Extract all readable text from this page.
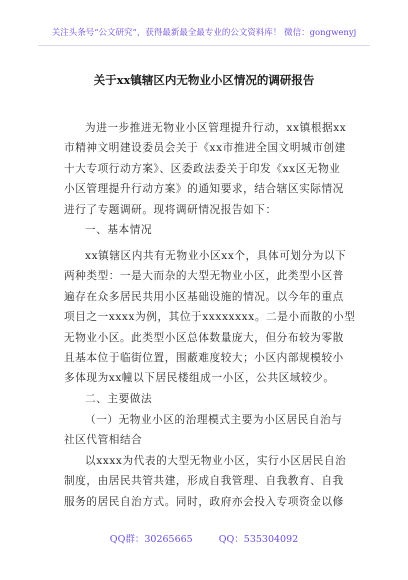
关注头条号“公文研究”，获得最新最全最专业的公文资料库！ 微信：gongwenyj
关于xx镇辖区内无物业小区情况的调研报告
为进一步推进无物业小区管理提升行动，xx镇根据xx
市精神文明建设委员会关于《xx市推进全国文明城市创建
十大专项行动方案》、区委政法委关于印发《xx区无物业
小区管理提升行动方案》的通知要求，结合辖区实际情况
进行了专题调研。现将调研情况报告如下：
一、基本情况
xx镇辖区内共有无物业小区xx个，具体可划分为以下
两种类型：一是大而杂的大型无物业小区，此类型小区普
遍存在众多居民共用小区基础设施的情况。以今年的重点
项目之一xxxx为例，其位于xxxxxxxx。二是小而散的小型
无物业小区。此类型小区总体数量庞大，但分布较为零散
且基本位于临街位置，围蔽难度较大；小区内部规模较小
多体现为xx幢以下居民楼组成一小区，公共区域较少。
二、主要做法
（一）无物业小区的治理模式主要为小区居民自治与
社区代管相结合
以xxxx为代表的大型无物业小区，实行小区居民自治
制度，由居民共管共建，形成自我管理、自我教育、自我
服务的居民自治方式。同时，政府亦会投入专项资金以修
QQ群：30265665	QQ：535304092
